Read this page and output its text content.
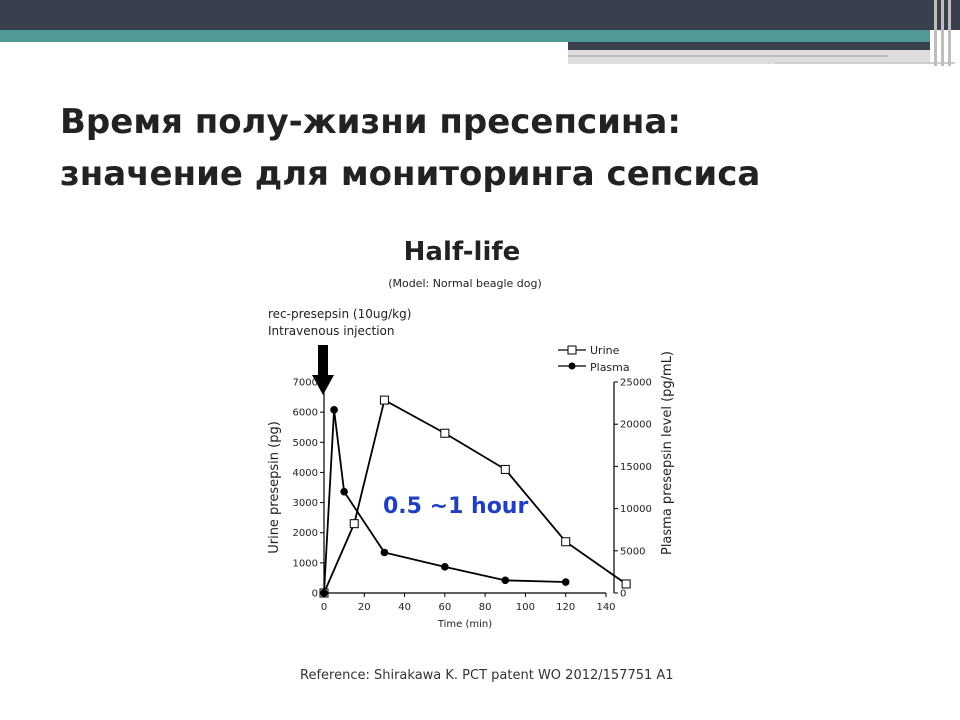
Время полу-жизни пресепсина:
значение для мониторинга сепсиса
Half-life
(Model: Normal beagle dog)
rec-presepsin (10ug/kg)
Intravenous injection
Urine
Plasma
0	20	40	60	80 100 120 140
0
1000
2000
3000
4000
5000
6000
7000
0
5000
10000
15000
20000
25000
Time (min)
Urine presepsin (pg)	Plasma presepsin level (pg/mL)
0.5 ~1 hour
Reference: Shirakawa K. PCT patent WO 2012/157751 A1
